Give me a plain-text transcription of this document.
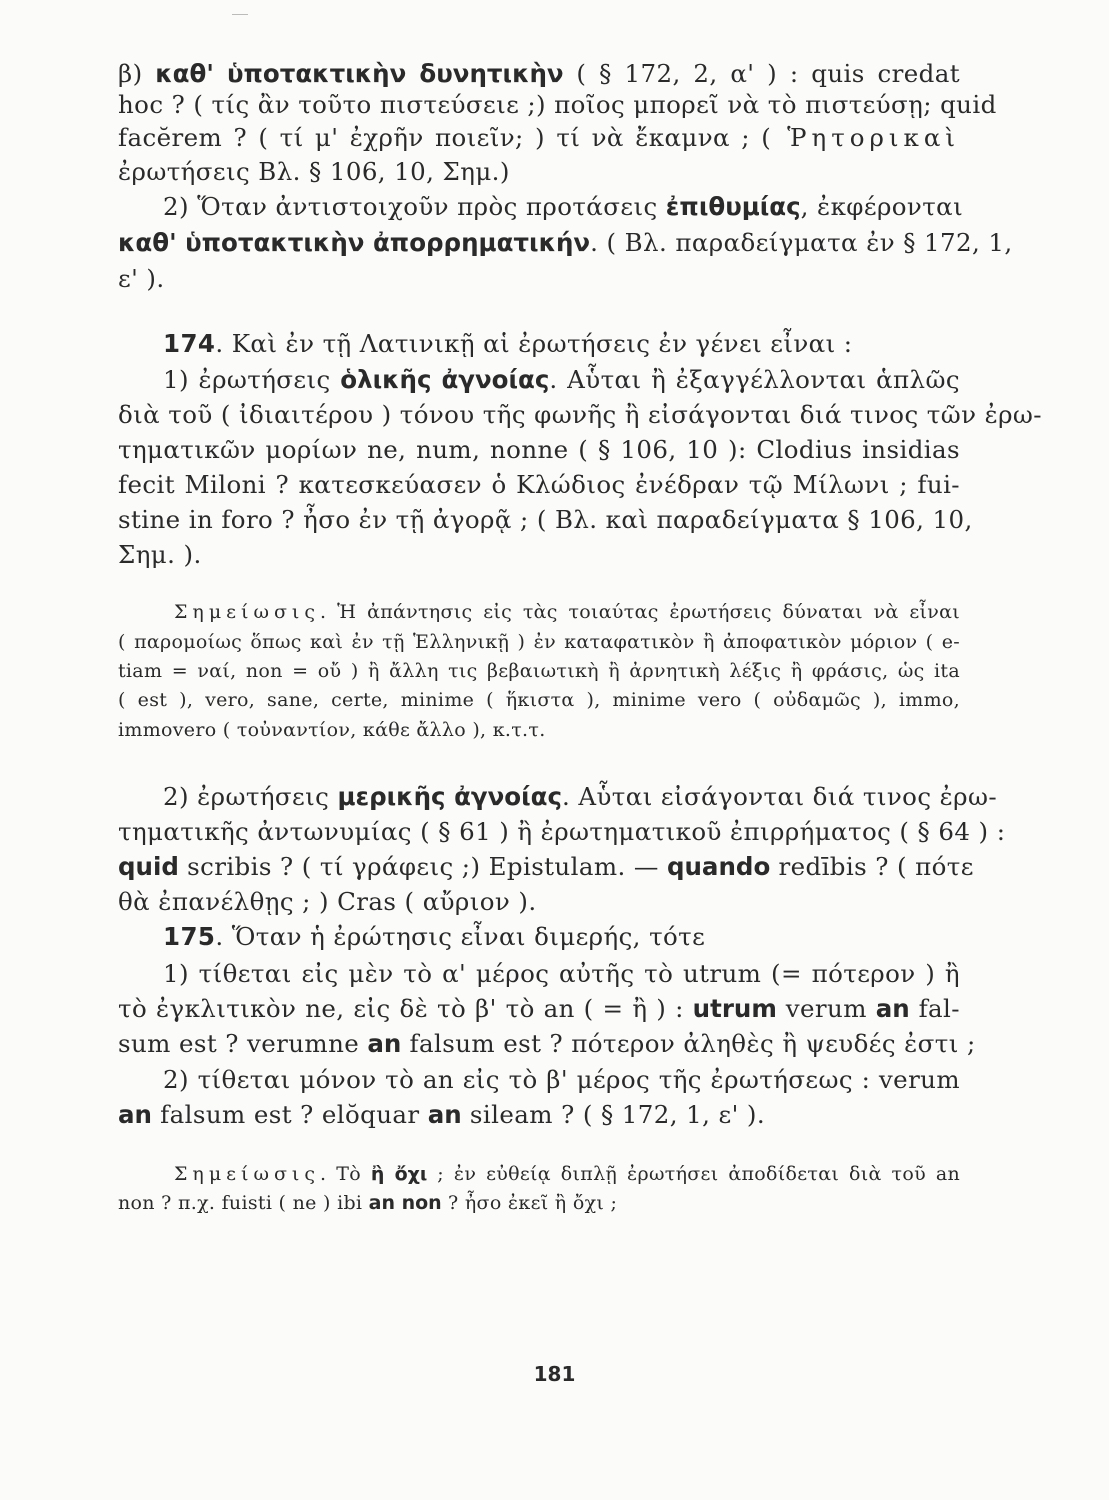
β) καθ' ὑποτακτικὴν δυνητικὴν ( § 172, 2, α' ) : quis credat
hoc ? ( τίς ἂν τοῦτο πιστεύσειε ;) ποῖος μπορεῖ νὰ τὸ πιστεύσῃ; quid
facĕrem ? ( τί μ' ἐχρῆν ποιεῖν; ) τί νὰ ἔκαμνα ; ( Ῥητορικαὶ
ἐρωτήσεις Βλ. § 106, 10, Σημ.)
2) Ὅταν ἀντιστοιχοῦν πρὸς προτάσεις ἐπιθυμίας, ἐκφέρονται
καθ' ὑποτακτικὴν ἀπορρηματικήν. ( Βλ. παραδείγματα ἐν § 172, 1,
ε' ).
174. Καὶ ἐν τῇ Λατινικῇ αἱ ἐρωτήσεις ἐν γένει εἶναι :
1) ἐρωτήσεις ὁλικῆς ἀγνοίας. Αὗται ἢ ἐξαγγέλλονται ἁπλῶς
διὰ τοῦ ( ἰδιαιτέρου ) τόνου τῆς φωνῆς ἢ εἰσάγονται διά τινος τῶν ἐρω-
τηματικῶν μορίων ne, num, nonne ( § 106, 10 ): Clodius insidias
fecit Miloni ? κατεσκεύασεν ὁ Κλώδιος ἐνέδραν τῷ Μίλωνι ; fui-
stine in foro ? ἦσο ἐν τῇ ἀγορᾷ ; ( Βλ. καὶ παραδείγματα § 106, 10,
Σημ. ).
Σημείωσις. Ἡ ἀπάντησις εἰς τὰς τοιαύτας ἐρωτήσεις δύναται νὰ εἶναι
( παρομοίως ὅπως καὶ ἐν τῇ Ἑλληνικῇ ) ἐν καταφατικὸν ἢ ἀποφατικὸν μόριον ( e-
tiam = ναί, non = οὔ ) ἢ ἄλλη τις βεβαιωτικὴ ἢ ἀρνητικὴ λέξις ἢ φράσις, ὡς ita
( est ), vero, sane, certe, minime ( ἥκιστα ), minime vero ( οὐδαμῶς ), immo,
immovero ( τοὐναντίον, κάθε ἄλλο ), κ.τ.τ.
2) ἐρωτήσεις μερικῆς ἀγνοίας. Αὗται εἰσάγονται διά τινος ἐρω-
τηματικῆς ἀντωνυμίας ( § 61 ) ἢ ἐρωτηματικοῦ ἐπιρρήματος ( § 64 ) :
quid scribis ? ( τί γράφεις ;) Epistulam. — quando redībis ? ( πότε
θὰ ἐπανέλθῃς ; ) Cras ( αὔριον ).
175. Ὅταν ἡ ἐρώτησις εἶναι διμερής, τότε
1) τίθεται εἰς μὲν τὸ α' μέρος αὐτῆς τὸ utrum (= πότερον ) ἢ
τὸ ἐγκλιτικὸν ne, εἰς δὲ τὸ β' τὸ an ( = ἢ ) : utrum verum an fal-
sum est ? verumne an falsum est ? πότερον ἀληθὲς ἢ ψευδές ἐστι ;
2) τίθεται μόνον τὸ an εἰς τὸ β' μέρος τῆς ἐρωτήσεως : verum
an falsum est ? elŏquar an sileam ? ( § 172, 1, ε' ).
Σημείωσις. Τὸ ἢ ὄχι ; ἐν εὐθείᾳ διπλῇ ἐρωτήσει ἀποδίδεται διὰ τοῦ an
non ? π.χ. fuisti ( ne ) ibi an non ? ἦσο ἐκεῖ ἢ ὄχι ;
181
